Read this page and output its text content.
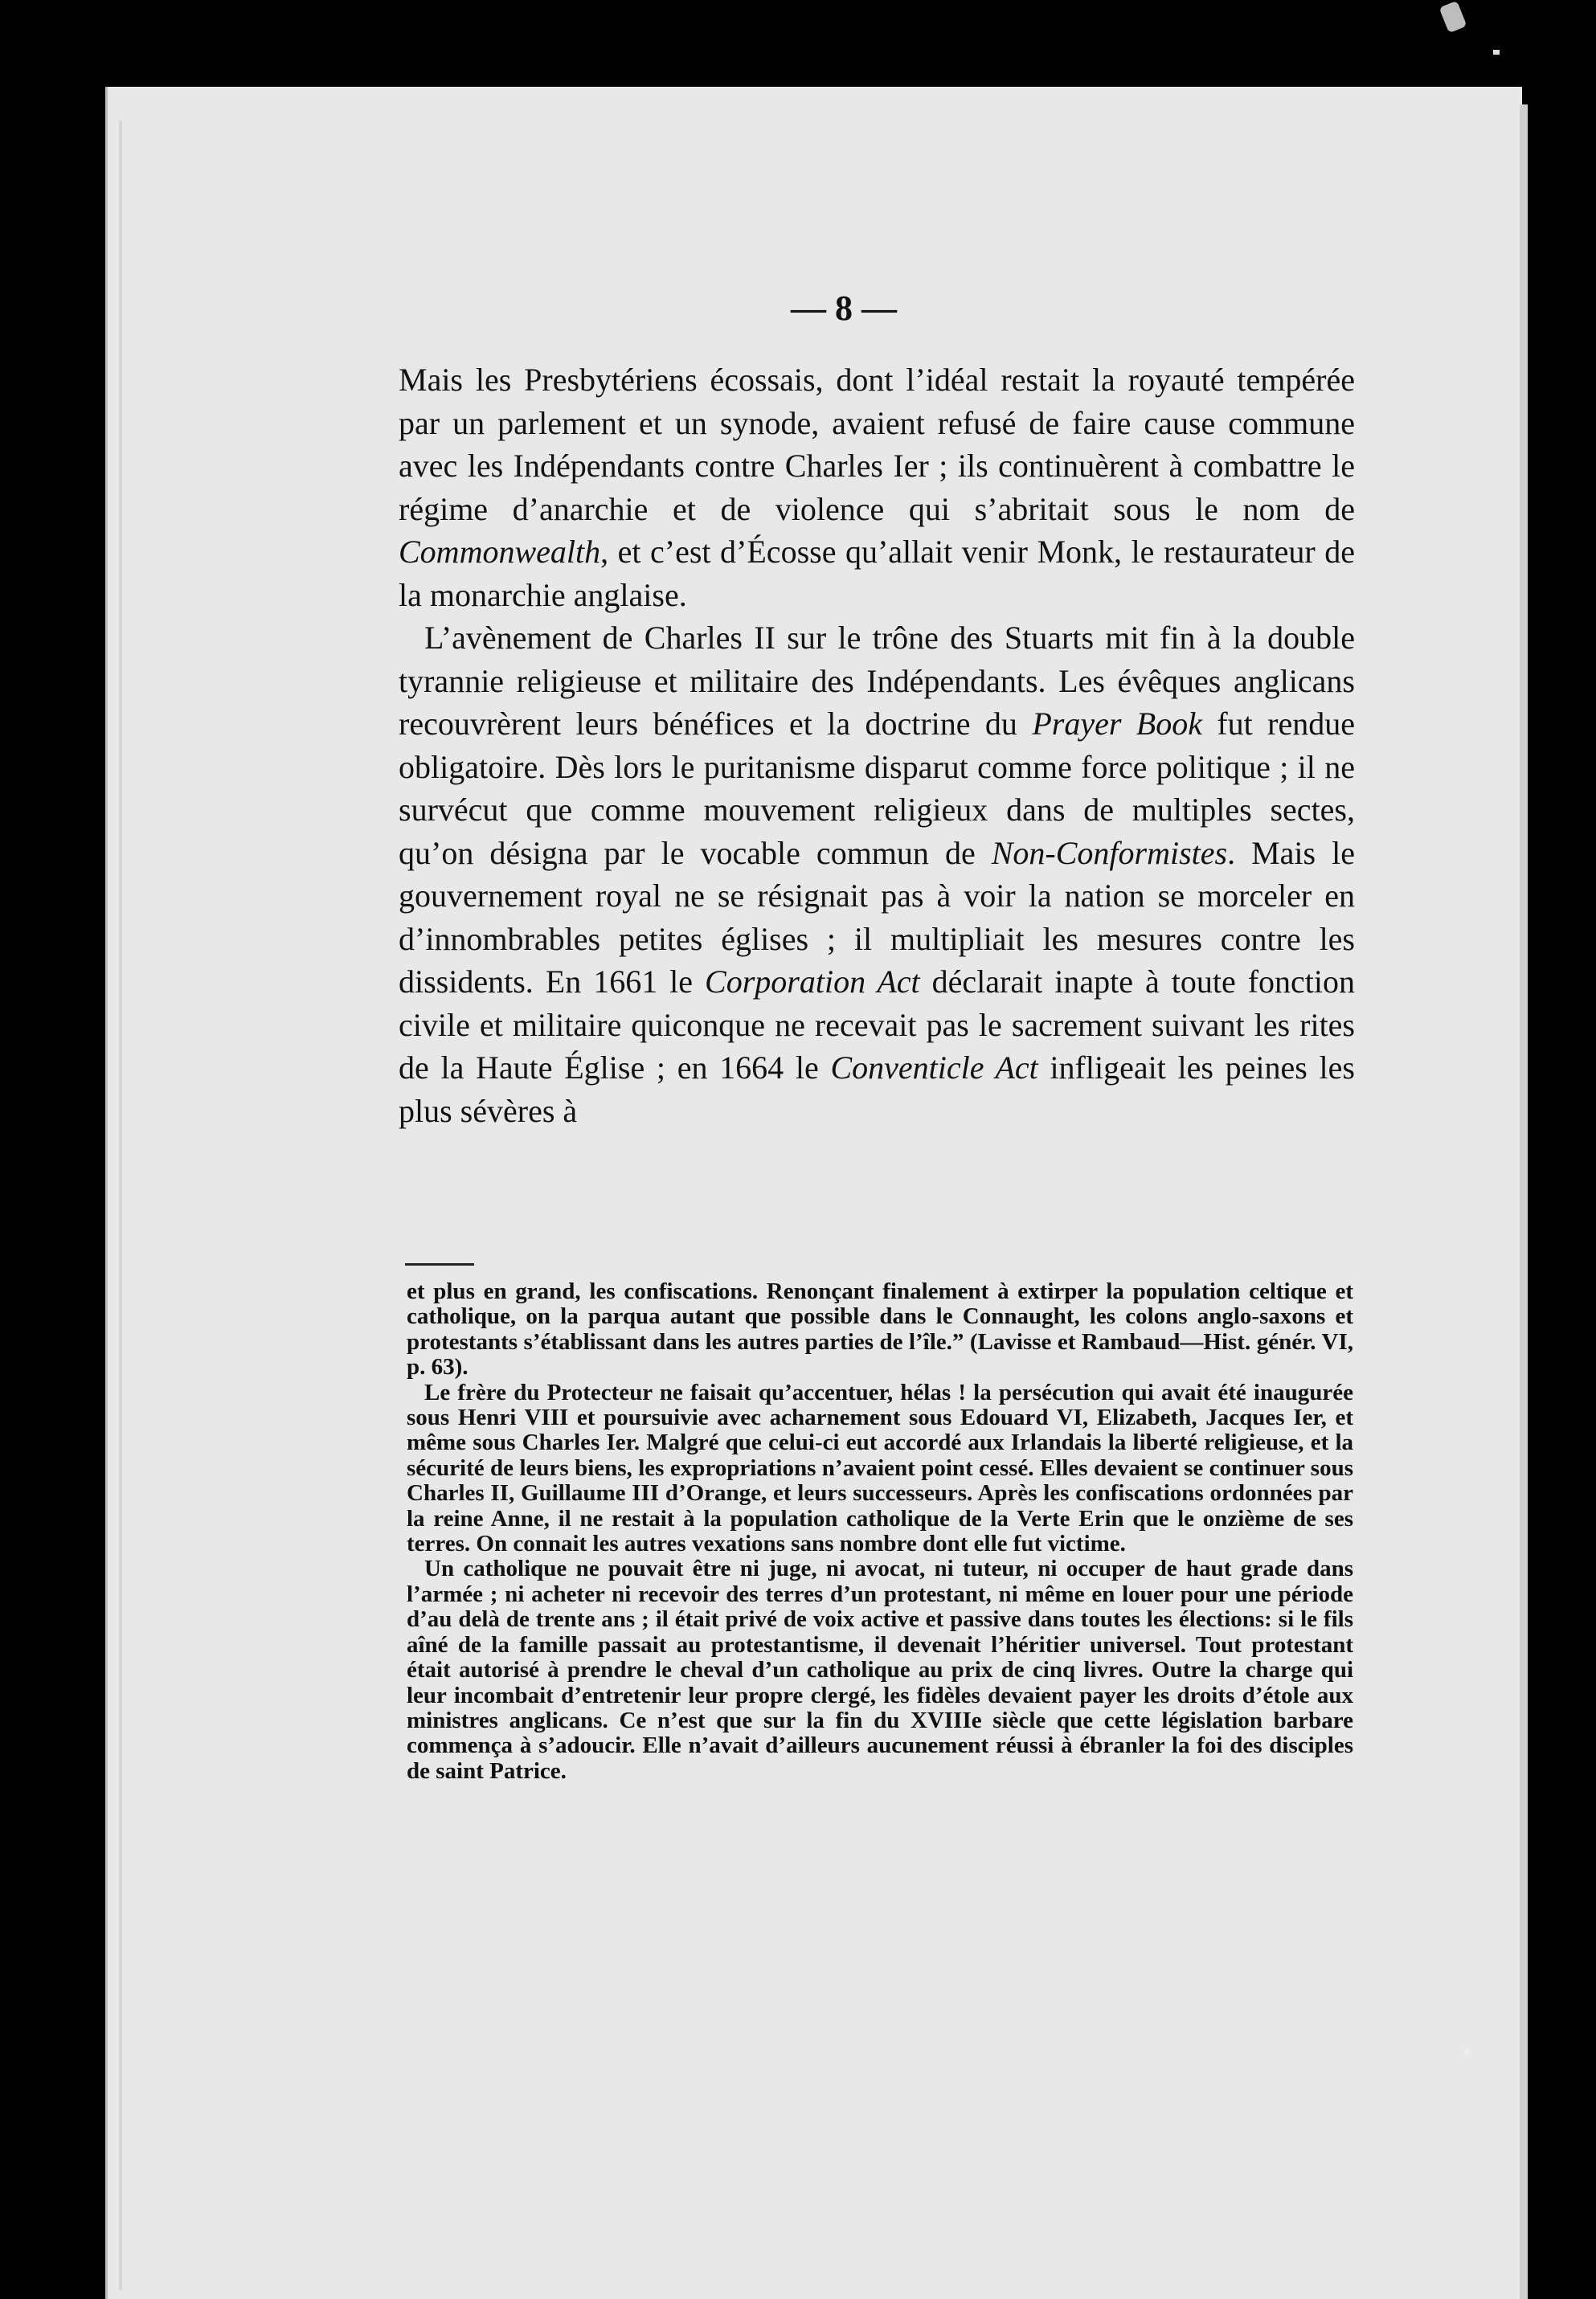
— 8 —

Mais les Presbytériens écossais, dont l’idéal restait la royauté tempérée par un parlement et un synode, avaient refusé de faire cause commune avec les Indépendants contre Charles Ier ; ils continuèrent à combattre le régime d’anarchie et de violence qui s’abritait sous le nom de Commonwealth, et c’est d’Écosse qu’allait venir Monk, le restaurateur de la monarchie anglaise.

L’avènement de Charles II sur le trône des Stuarts mit fin à la double tyrannie religieuse et militaire des Indépendants. Les évêques anglicans recouvrèrent leurs bénéfices et la doctrine du Prayer Book fut rendue obligatoire. Dès lors le puritanisme disparut comme force politique ; il ne survécut que comme mouvement religieux dans de multiples sectes, qu’on désigna par le vocable commun de Non-Conformistes. Mais le gouvernement royal ne se résignait pas à voir la nation se morceler en d’innombrables petites églises ; il multipliait les mesures contre les dissidents. En 1661 le Corporation Act déclarait inapte à toute fonction civile et militaire quiconque ne recevait pas le sacrement suivant les rites de la Haute Église ; en 1664 le Conventicle Act infligeait les peines les plus sévères à

et plus en grand, les confiscations. Renonçant finalement à extirper la population celtique et catholique, on la parqua autant que possible dans le Connaught, les colons anglo-saxons et protestants s’établissant dans les autres parties de l’île.” (Lavisse et Rambaud—Hist. génér. VI, p. 63).

Le frère du Protecteur ne faisait qu’accentuer, hélas ! la persécution qui avait été inaugurée sous Henri VIII et poursuivie avec acharnement sous Edouard VI, Elizabeth, Jacques Ier, et même sous Charles Ier. Malgré que celui-ci eut accordé aux Irlandais la liberté religieuse, et la sécurité de leurs biens, les expropriations n’avaient point cessé. Elles devaient se continuer sous Charles II, Guillaume III d’Orange, et leurs successeurs. Après les confiscations ordonnées par la reine Anne, il ne restait à la population catholique de la Verte Erin que le onzième de ses terres. On connait les autres vexations sans nombre dont elle fut victime.

Un catholique ne pouvait être ni juge, ni avocat, ni tuteur, ni occuper de haut grade dans l’armée ; ni acheter ni recevoir des terres d’un protestant, ni même en louer pour une période d’au delà de trente ans ; il était privé de voix active et passive dans toutes les élections: si le fils aîné de la famille passait au protestantisme, il devenait l’héritier universel. Tout protestant était autorisé à prendre le cheval d’un catholique au prix de cinq livres. Outre la charge qui leur incombait d’entretenir leur propre clergé, les fidèles devaient payer les droits d’étole aux ministres anglicans. Ce n’est que sur la fin du XVIIIe siècle que cette législation barbare commença à s’adoucir. Elle n’avait d’ailleurs aucunement réussi à ébranler la foi des disciples de saint Patrice.
